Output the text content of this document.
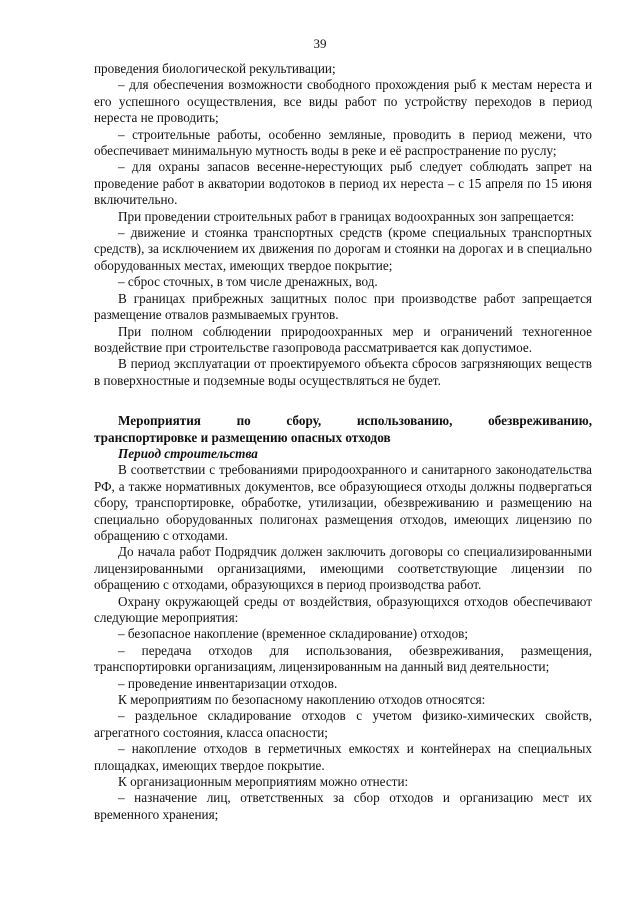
39

проведения биологической рекультивации;

– для обеспечения возможности свободного прохождения рыб к местам нереста и его успешного осуществления, все виды работ по устройству переходов в период нереста не проводить;

– строительные работы, особенно земляные, проводить в период межени, что обеспечивает минимальную мутность воды в реке и её распространение по руслу;

– для охраны запасов весенне-нерестующих рыб следует соблюдать запрет на проведение работ в акватории водотоков в период их нереста – с 15 апреля по 15 июня включительно.

При проведении строительных работ в границах водоохранных зон запрещается:

– движение и стоянка транспортных средств (кроме специальных транспортных средств), за исключением их движения по дорогам и стоянки на дорогах и в специально оборудованных местах, имеющих твердое покрытие;

– сброс сточных, в том числе дренажных, вод.

В границах прибрежных защитных полос при производстве работ запрещается размещение отвалов размываемых грунтов.

При полном соблюдении природоохранных мер и ограничений техногенное воздействие при строительстве газопровода рассматривается как допустимое.

В период эксплуатации от проектируемого объекта сбросов загрязняющих веществ в поверхностные и подземные воды осуществляться не будет.

Мероприятия по сбору, использованию, обезвреживанию,
транспортировке и размещению опасных отходов

Период строительства

В соответствии с требованиями природоохранного и санитарного законодательства РФ, а также нормативных документов, все образующиеся отходы должны подвергаться сбору, транспортировке, обработке, утилизации, обезвреживанию и размещению на специально оборудованных полигонах размещения отходов, имеющих лицензию по обращению с отходами.

До начала работ Подрядчик должен заключить договоры со специализированными лицензированными организациями, имеющими соответствующие лицензии по обращению с отходами, образующихся в период производства работ.

Охрану окружающей среды от воздействия, образующихся отходов обеспечивают следующие мероприятия:

– безопасное накопление (временное складирование) отходов;

– передача отходов для использования, обезвреживания, размещения, транспортировки организациям, лицензированным на данный вид деятельности;

– проведение инвентаризации отходов.

К мероприятиям по безопасному накоплению отходов относятся:

– раздельное складирование отходов с учетом физико-химических свойств, агрегатного состояния, класса опасности;

– накопление отходов в герметичных емкостях и контейнерах на специальных площадках, имеющих твердое покрытие.

К организационным мероприятиям можно отнести:

– назначение лиц, ответственных за сбор отходов и организацию мест их временного хранения;
